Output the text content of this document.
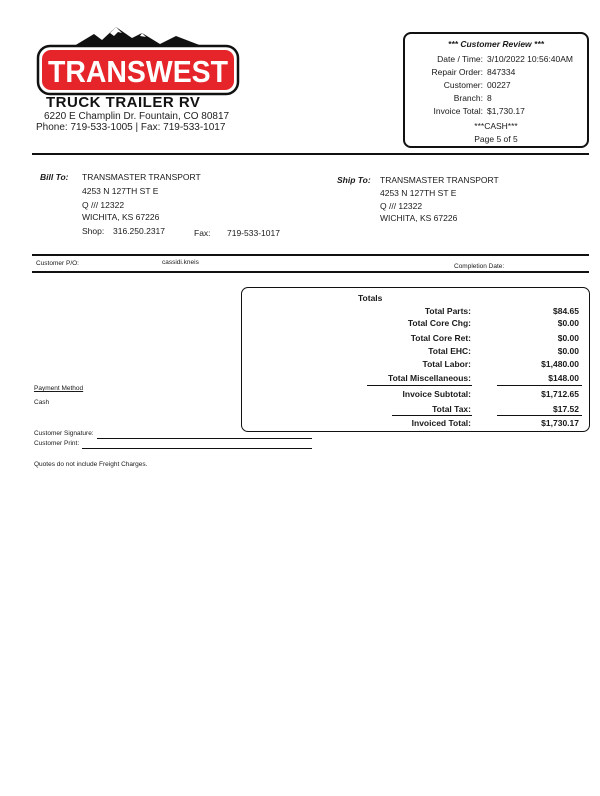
TRANSWEST
TRUCK TRAILER RV
6220 E Champlin Dr. Fountain, CO 80817
Phone: 719-533-1005 | Fax: 719-533-1017
*** Customer Review ***
Date / Time: 3/10/2022 10:56:40AM
Repair Order: 847334
Customer: 00227
Branch: 8
Invoice Total: $1,730.17
***CASH***
Page 5 of 5
Bill To: TRANSMASTER TRANSPORT
4253 N 127TH ST E
Q /// 12322
WICHITA, KS 67226
Shop: 316.250.2317	Fax: 719-533-1017
Ship To: TRANSMASTER TRANSPORT
4253 N 127TH ST E
Q /// 12322
WICHITA, KS 67226
Customer P/O:	cassidi.kneis
Completion Date:
Totals
Total Parts:	$84.65
Total Core Chg:	$0.00
Total Core Ret:	$0.00
Total EHC:	$0.00
Total Labor:	$1,480.00
Total Miscellaneous:	$148.00
Invoice Subtotal:	$1,712.65
Total Tax:	$17.52
Invoiced Total:	$1,730.17
Payment Method
Cash
Customer Signature:
Customer Print:
Quotes do not include Freight Charges.
